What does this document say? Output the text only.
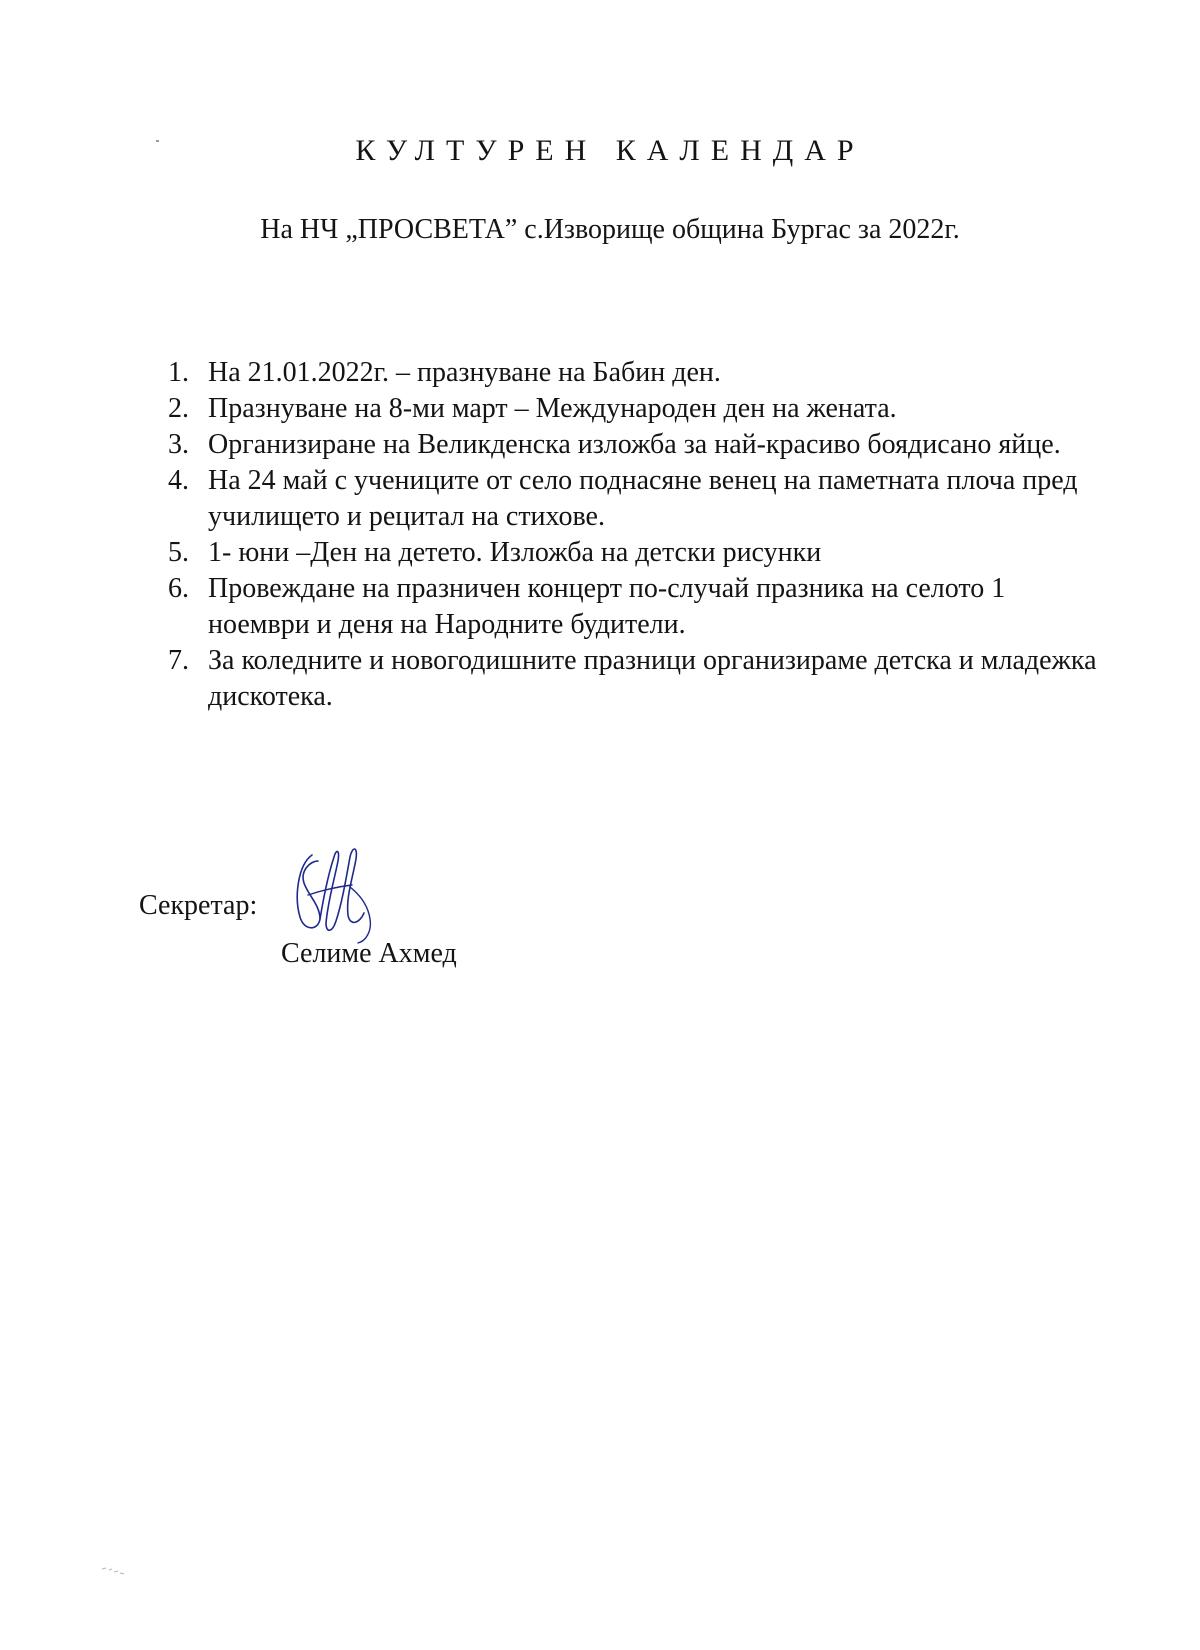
КУЛТУРЕН КАЛЕНДАР
На НЧ „ПРОСВЕТА” с.Изворище община Бургас за 2022г.
1. На 21.01.2022г. – празнуване на Бабин ден.
2. Празнуване на 8-ми март – Международен ден на жената.
3. Организиране на Великденска изложба за най-красиво боядисано яйце.
4. На 24 май с учениците от село поднасяне венец на паметната плоча пред училището и рецитал на стихове.
5. 1- юни –Ден на детето. Изложба на детски рисунки
6. Провеждане на празничен концерт по-случай празника на селото 1 ноември и деня на Народните будители.
7. За коледните и новогодишните празници организираме детска и младежка дискотека.
Секретар:
Селиме Ахмед
